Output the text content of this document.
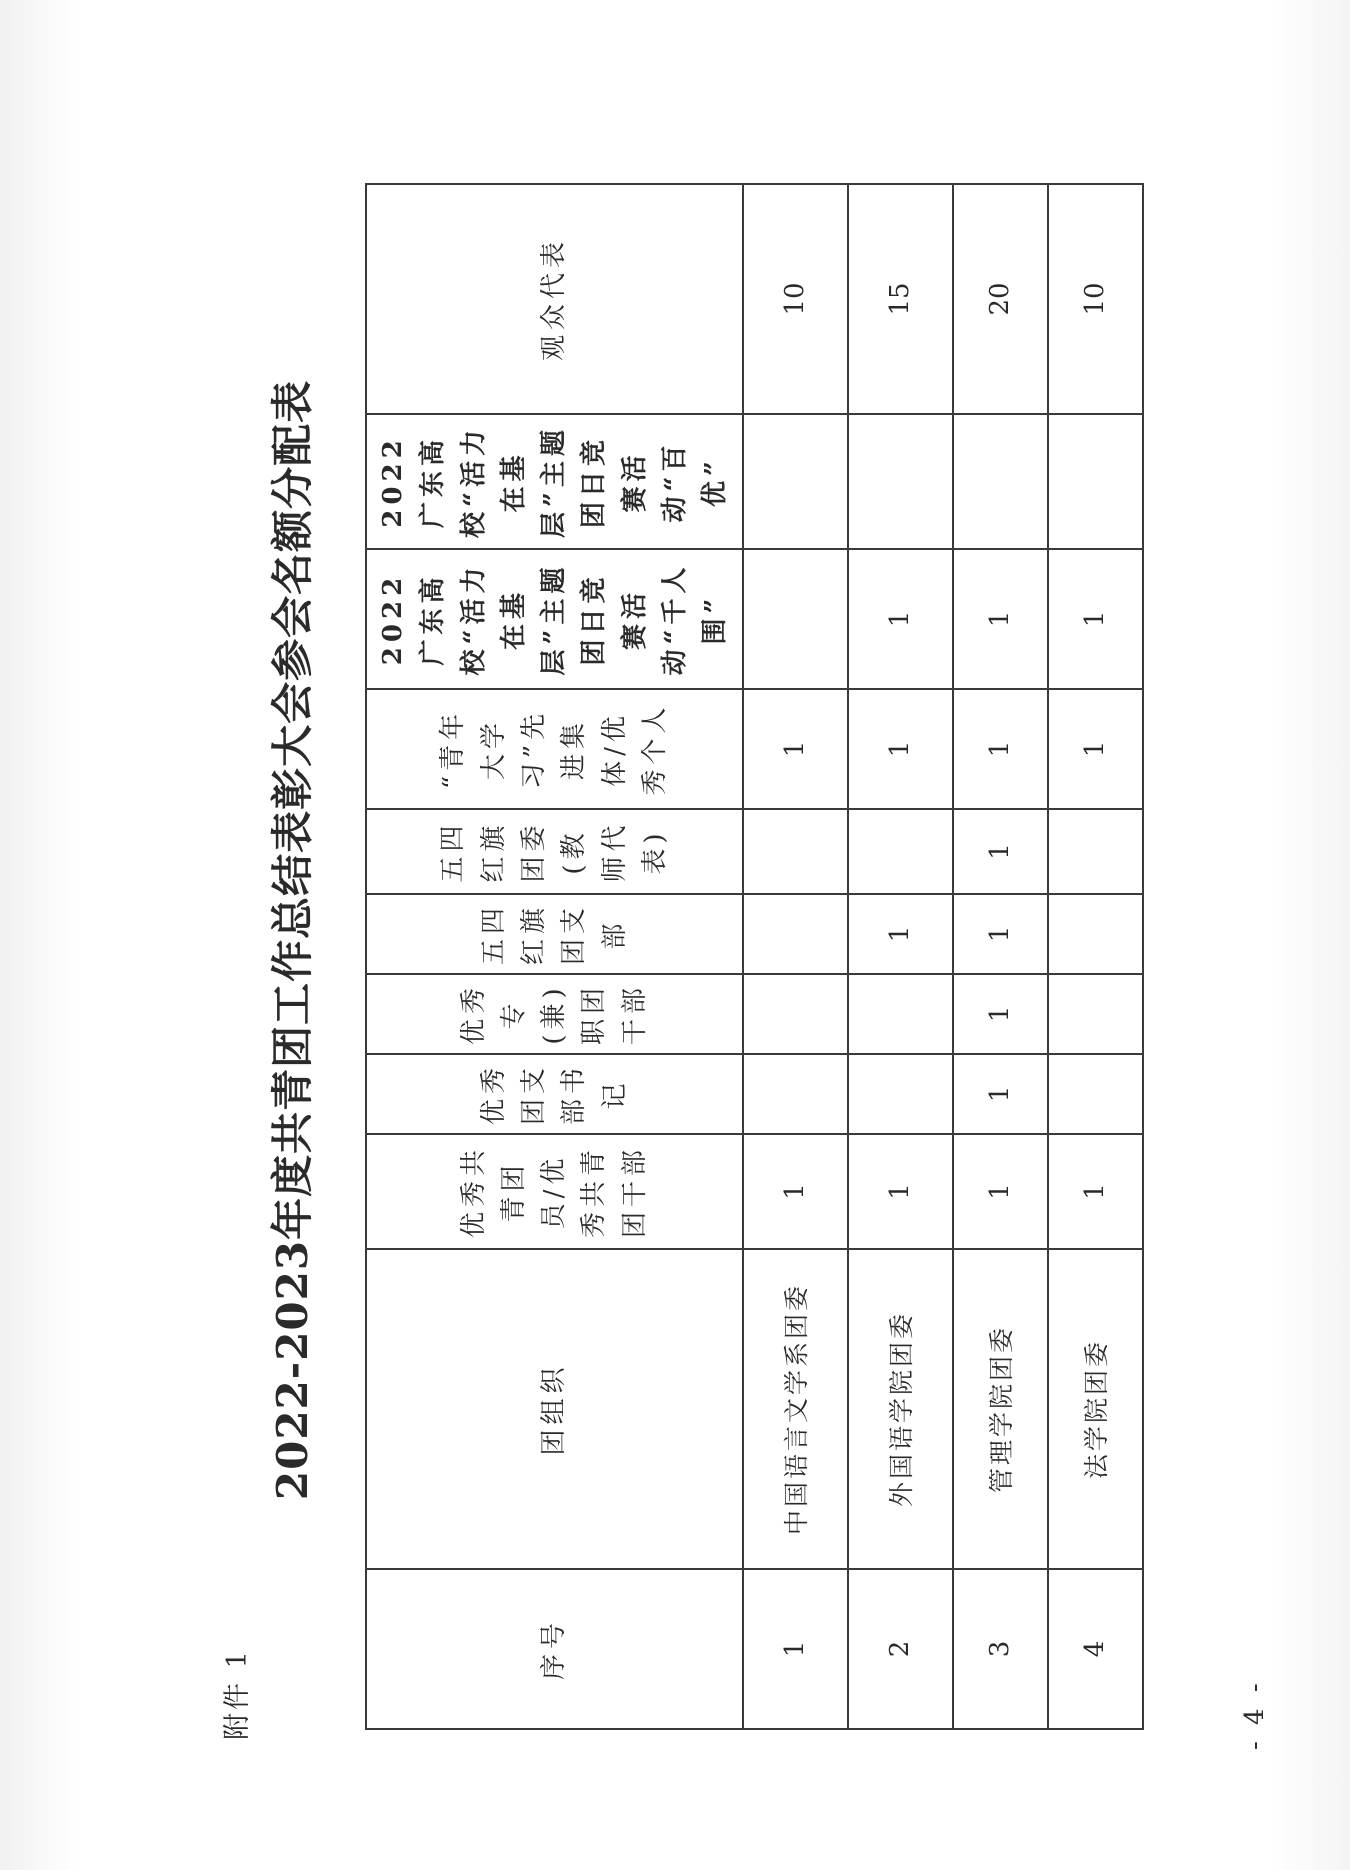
附件 1
2022-2023年度共青团工作总结表彰大会参会名额分配表
序号	团组织	优秀共青团员/优秀共青团干部	优秀团支部书记	优秀专(兼)职团干部	五四红旗团支部	五四红旗团委(教师代表)	“青年大学习”先进集体/优秀个人	2022广东高校“活力在基层”主题团日竞赛活动“千人围”	2022广东高校“活力在基层”主题团日竞赛活动“百优”	观众代表
1	中国语言文学系团委	1					1			10
2	外国语学院团委	1			1		1	1		15
3	管理学院团委	1	1	1	1	1	1	1		20
4	法学院团委	1					1	1		10
- 4 -
